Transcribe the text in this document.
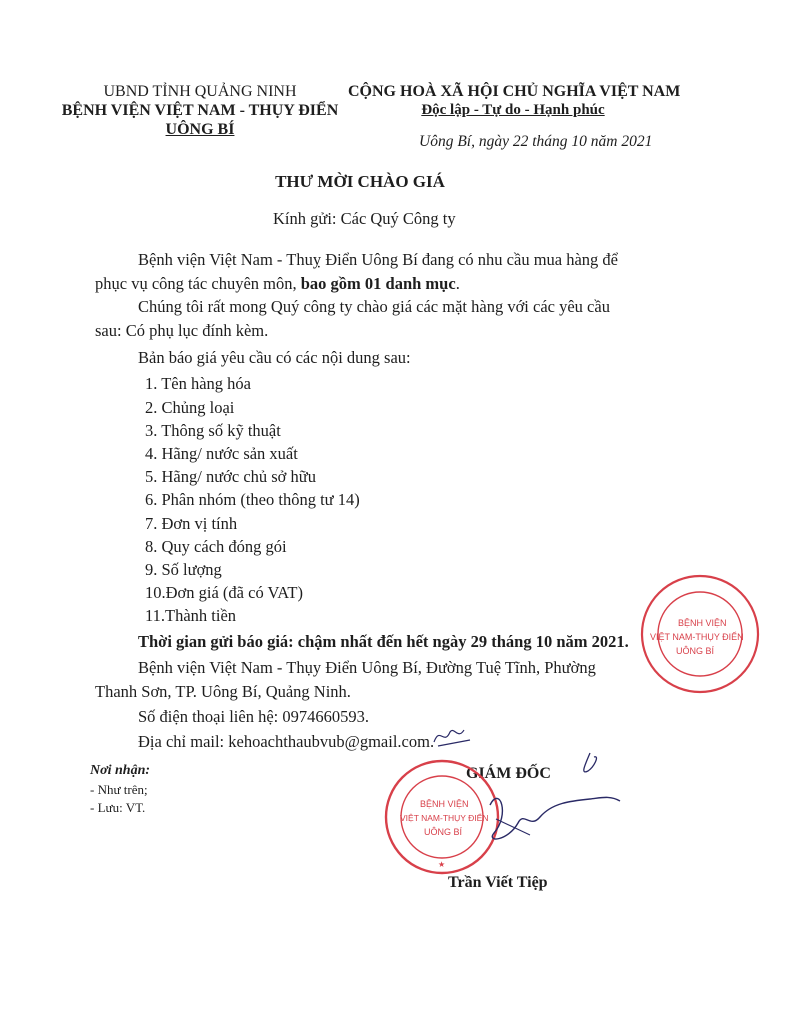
UBND TỈNH QUẢNG NINH
BỆNH VIỆN VIỆT NAM - THỤY ĐIỂN
UÔNG BÍ
CỘNG HOÀ XÃ HỘI CHỦ NGHĨA VIỆT NAM
Độc lập - Tự do - Hạnh phúc
Uông Bí, ngày 22 tháng 10 năm 2021
THƯ MỜI CHÀO GIÁ
Kính gửi: Các Quý Công ty
Bệnh viện Việt Nam - Thuỵ Điển Uông Bí đang có nhu cầu mua hàng để
phục vụ công tác chuyên môn, bao gồm 01 danh mục.
Chúng tôi rất mong Quý công ty chào giá các mặt hàng với các yêu cầu
sau: Có phụ lục đính kèm.
Bản báo giá yêu cầu có các nội dung sau:
1. Tên hàng hóa
2. Chủng loại
3. Thông số kỹ thuật
4. Hãng/ nước sản xuất
5. Hãng/ nước chủ sở hữu
6. Phân nhóm (theo thông tư 14)
7. Đơn vị tính
8. Quy cách đóng gói
9. Số lượng
10.Đơn giá (đã có VAT)
11.Thành tiền
Thời gian gửi báo giá: chậm nhất đến hết ngày 29 tháng 10 năm 2021.
Bệnh viện Việt Nam - Thụy Điển Uông Bí, Đường Tuệ Tĩnh, Phường
Thanh Sơn, TP. Uông Bí, Quảng Ninh.
Số điện thoại liên hệ: 0974660593.
Địa chỉ mail: kehoachthaubvub@gmail.com.
Nơi nhận:
- Như trên;
- Lưu: VT.
BỆNH VIỆN
VIỆT NAM-THỤY ĐIỂN
UÔNG BÍ
GIÁM ĐỐC
BỆNH VIỆN
VIỆT NAM-THỤY ĐIỂN
UÔNG BÍ
★
Trần Viết Tiệp
